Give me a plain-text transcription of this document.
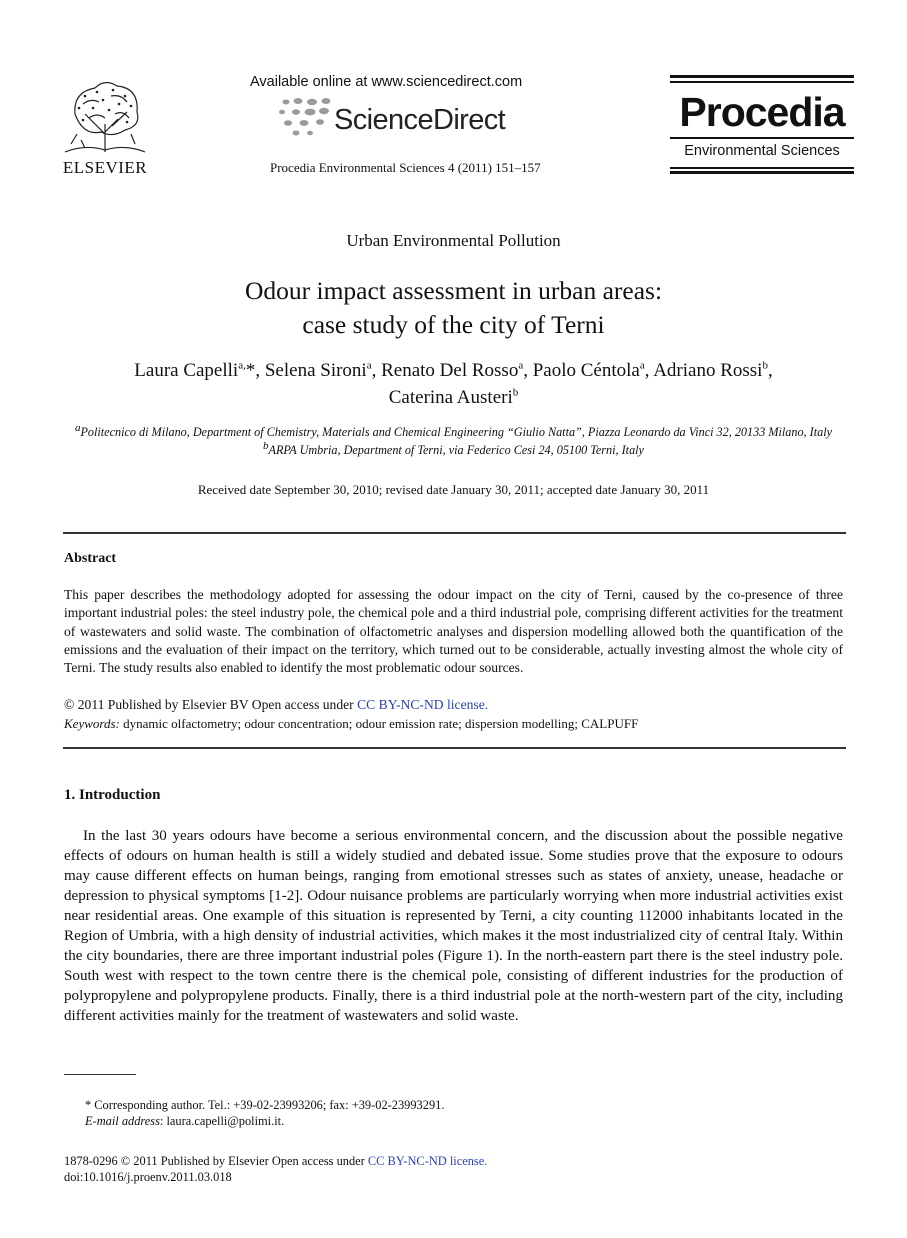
ELSEVIER
Available online at www.sciencedirect.com
ScienceDirect
Procedia Environmental Sciences 4 (2011) 151–157
Procedia
Environmental Sciences
Urban Environmental Pollution
Odour impact assessment in urban areas:
case study of the city of Terni
Laura Capelli$^{a,}$*, Selena Sironi$^a$, Renato Del Rosso$^a$, Paolo Céntola$^a$, Adriano Rossi$^b$,
Caterina Austeri$^b$
$^a$Politecnico di Milano, Department of Chemistry, Materials and Chemical Engineering “Giulio Natta”, Piazza Leonardo da Vinci 32, 20133 Milano, Italy
$^b$ARPA Umbria, Department of Terni, via Federico Cesi 24, 05100 Terni, Italy
Received date September 30, 2010; revised date January 30, 2011; accepted date January 30, 2011
Abstract
This paper describes the methodology adopted for assessing the odour impact on the city of Terni, caused by the co-presence of three important industrial poles: the steel industry pole, the chemical pole and a third industrial pole, comprising different activities for the treatment of wastewaters and solid waste. The combination of olfactometric analyses and dispersion modelling allowed both the quantification of the emissions and the evaluation of their impact on the territory, which turned out to be considerable, actually investing almost the whole city of Terni. The study results also enabled to identify the most problematic odour sources.
© 2011 Published by Elsevier BV Open access under CC BY-NC-ND license.
Keywords: dynamic olfactometry; odour concentration; odour emission rate; dispersion modelling; CALPUFF
1. Introduction
In the last 30 years odours have become a serious environmental concern, and the discussion about the possible negative effects of odours on human health is still a widely studied and debated issue. Some studies prove that the exposure to odours may cause different effects on human beings, ranging from emotional stresses such as states of anxiety, unease, headache or depression to physical symptoms [1-2]. Odour nuisance problems are particularly worrying when more industrial activities exist near residential areas. One example of this situation is represented by Terni, a city counting 112000 inhabitants located in the Region of Umbria, with a high density of industrial activities, which makes it the most industrialized city of central Italy. Within the city boundaries, there are three important industrial poles (Figure 1). In the north-eastern part there is the steel industry pole. South west with respect to the town centre there is the chemical pole, consisting of different industries for the production of polypropylene and polypropylene products. Finally, there is a third industrial pole at the north-western part of the city, including different activities mainly for the treatment of wastewaters and solid waste.
* Corresponding author. Tel.: +39-02-23993206; fax: +39-02-23993291.
E-mail address: laura.capelli@polimi.it.
1878-0296 © 2011 Published by Elsevier Open access under CC BY-NC-ND license.
doi:10.1016/j.proenv.2011.03.018
